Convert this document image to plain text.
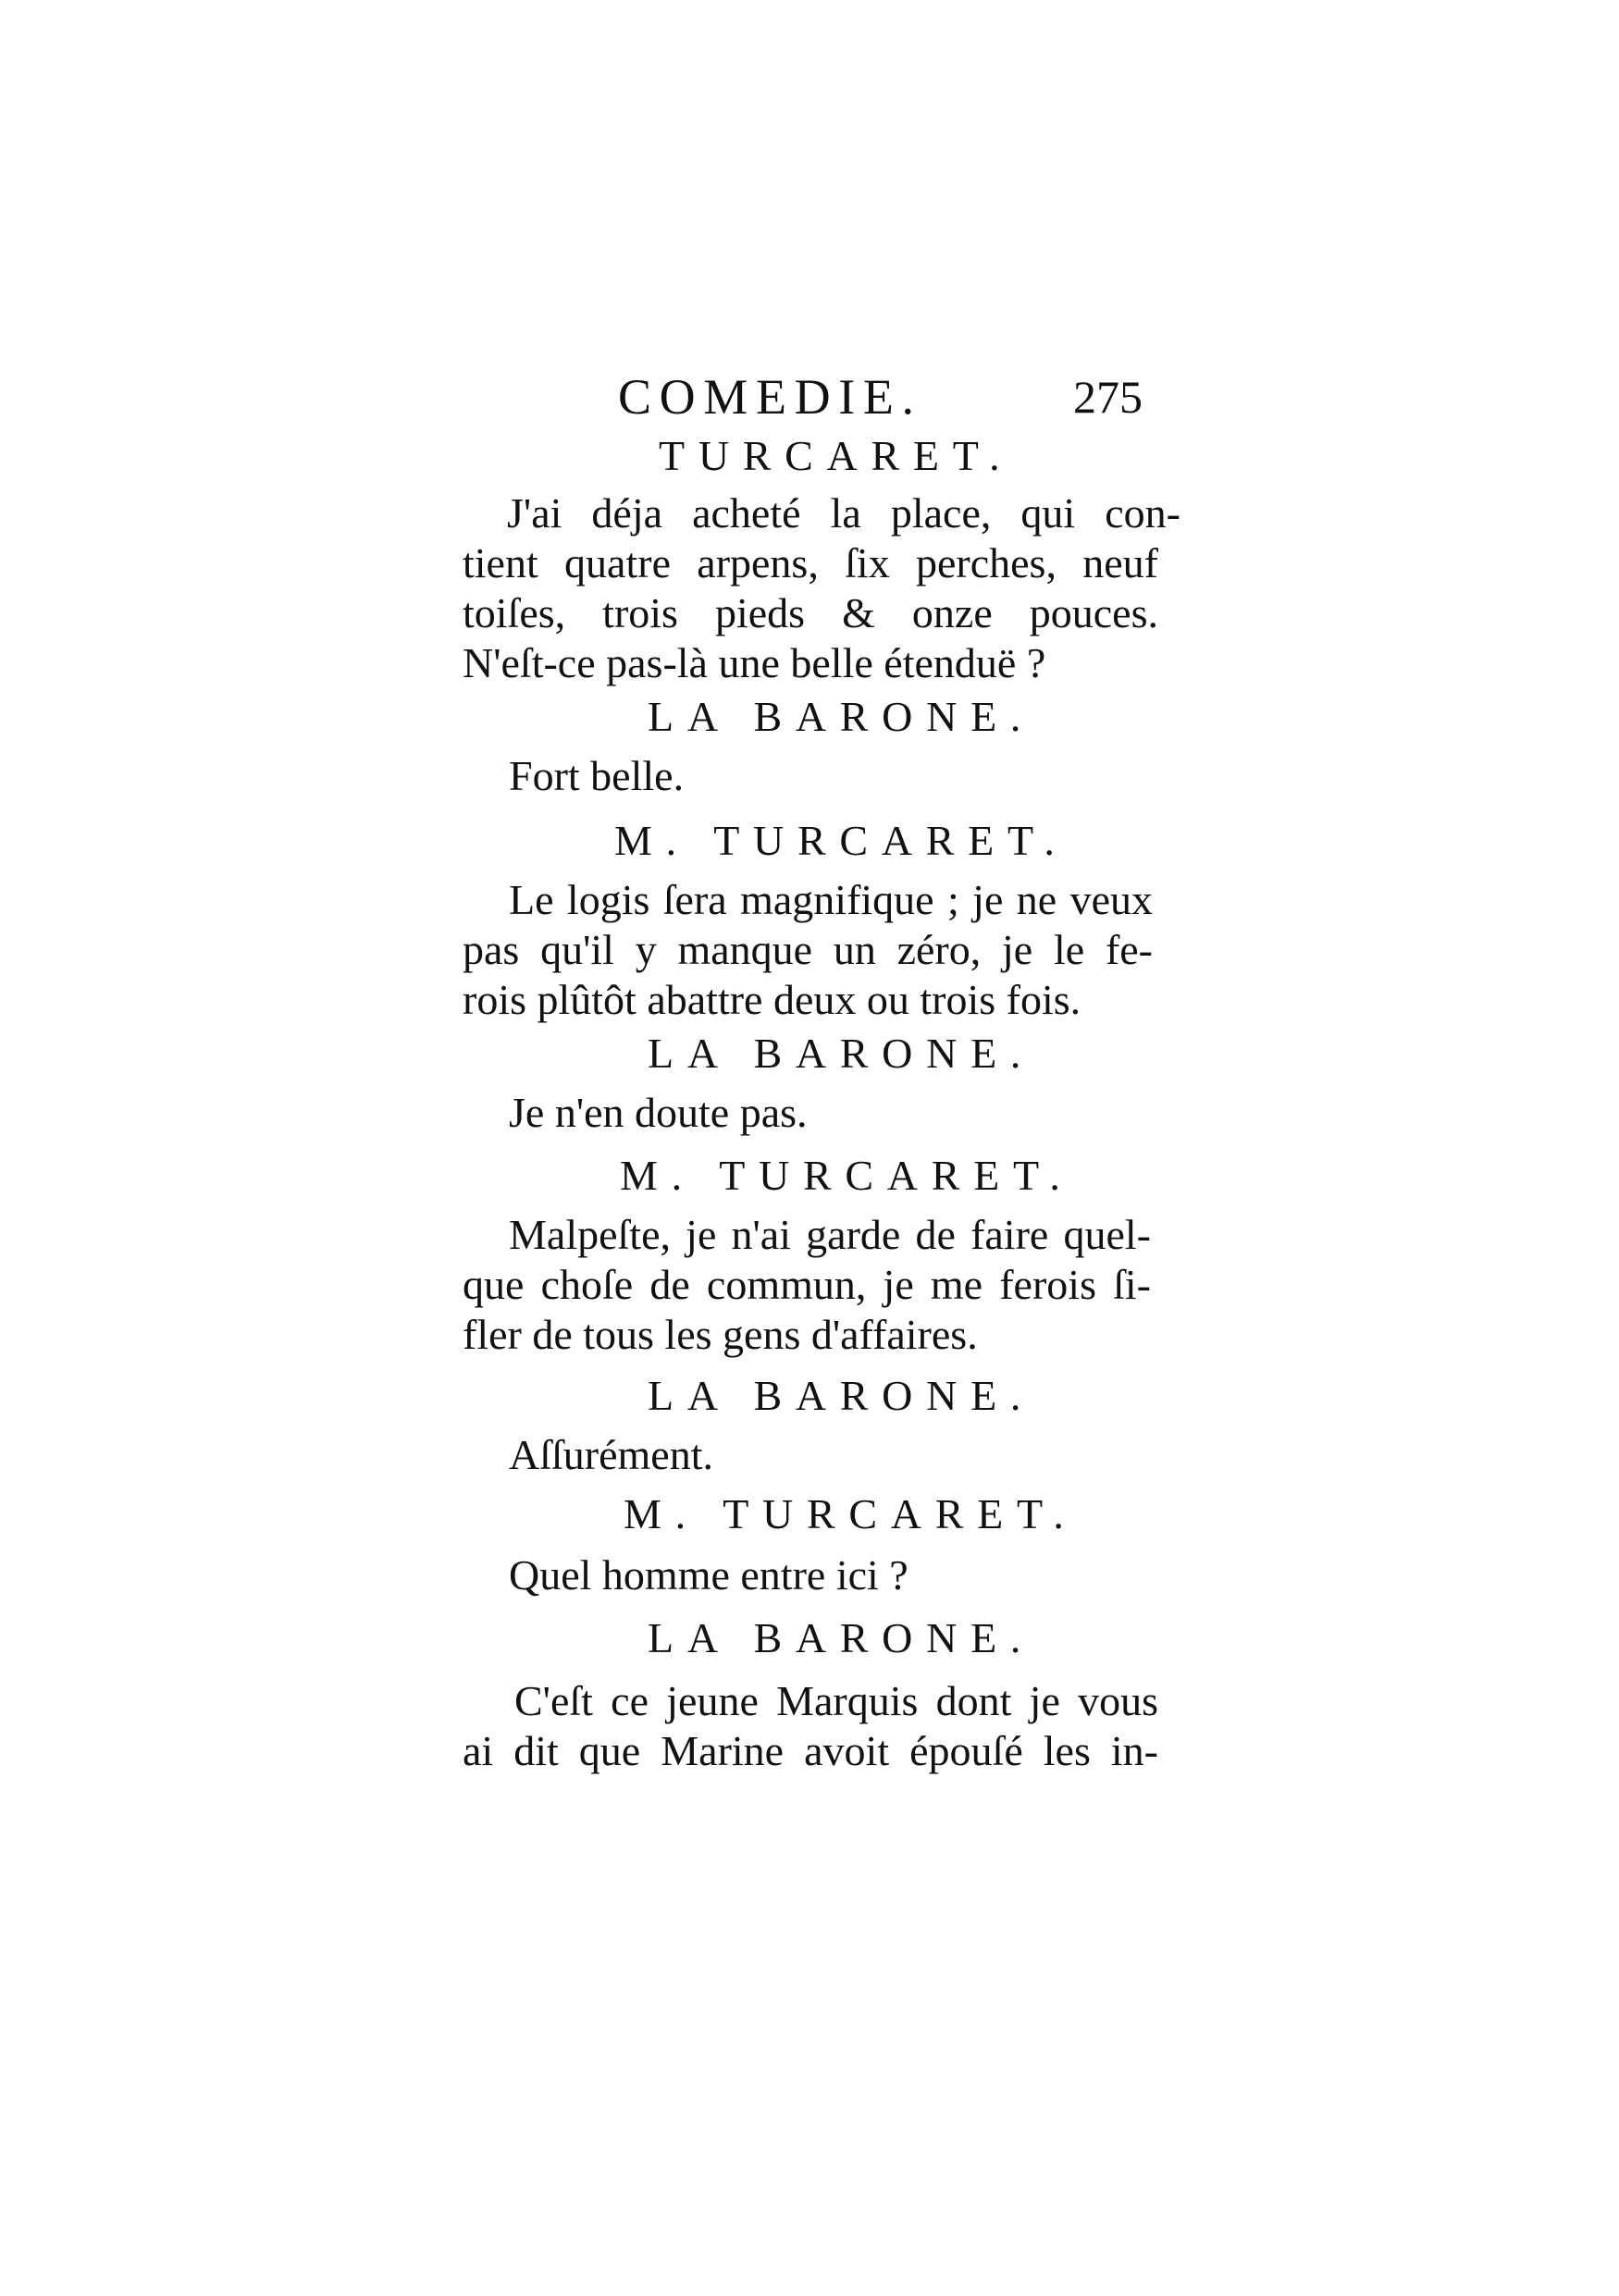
COMEDIE.	275
TURCARET.
J'ai déja acheté la place, qui con-
tient quatre arpens, ſix perches, neuf
toiſes, trois pieds & onze pouces.
N'eſt-ce pas-là une belle étenduë ?
LA BARONE.
Fort belle.
M. TURCARET.
Le logis ſera magnifique ; je ne veux
pas qu'il y manque un zéro, je le fe-
rois plûtôt abattre deux ou trois fois.
LA BARONE.
Je n'en doute pas.
M. TURCARET.
Malpeſte, je n'ai garde de faire quel-
que choſe de commun, je me ferois ſi-
fler de tous les gens d'affaires.
LA BARONE.
Aſſurément.
M. TURCARET.
Quel homme entre ici ?
LA BARONE.
C'eſt ce jeune Marquis dont je vous
ai dit que Marine avoit épouſé les in-
